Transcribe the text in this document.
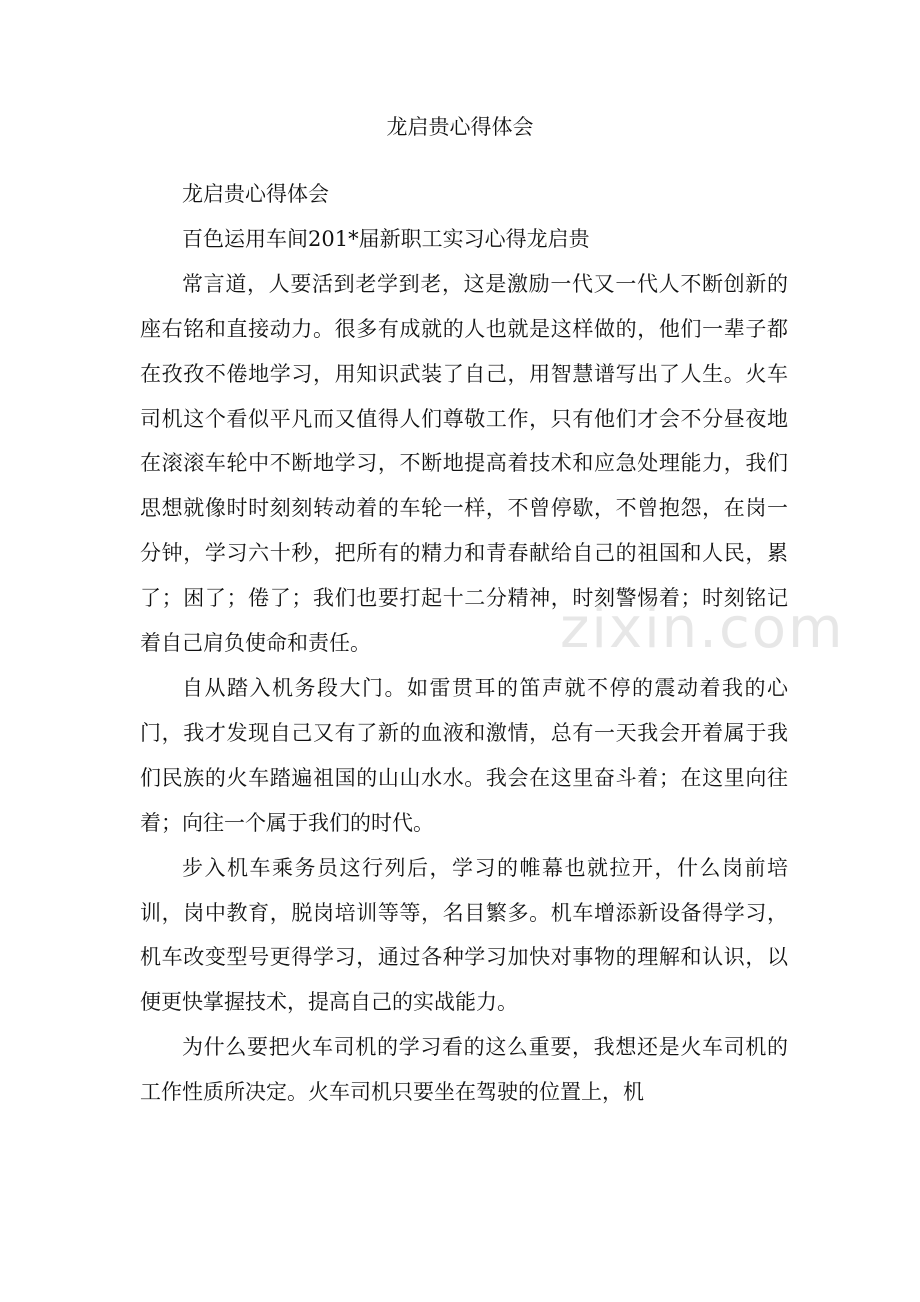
龙启贵心得体会

龙启贵心得体会

百色运用车间201*届新职工实习心得龙启贵

常言道，人要活到老学到老，这是激励一代又一代人不断创新的座右铭和直接动力。很多有成就的人也就是这样做的，他们一辈子都在孜孜不倦地学习，用知识武装了自己，用智慧谱写出了人生。火车司机这个看似平凡而又值得人们尊敬工作，只有他们才会不分昼夜地在滚滚车轮中不断地学习，不断地提高着技术和应急处理能力，我们思想就像时时刻刻转动着的车轮一样，不曾停歇，不曾抱怨，在岗一分钟，学习六十秒，把所有的精力和青春献给自己的祖国和人民，累了；困了；倦了；我们也要打起十二分精神，时刻警惕着；时刻铭记着自己肩负使命和责任。

自从踏入机务段大门。如雷贯耳的笛声就不停的震动着我的心门，我才发现自己又有了新的血液和激情，总有一天我会开着属于我们民族的火车踏遍祖国的山山水水。我会在这里奋斗着；在这里向往着；向往一个属于我们的时代。

步入机车乘务员这行列后，学习的帷幕也就拉开，什么岗前培训，岗中教育，脱岗培训等等，名目繁多。机车增添新设备得学习，机车改变型号更得学习，通过各种学习加快对事物的理解和认识，以便更快掌握技术，提高自己的实战能力。

为什么要把火车司机的学习看的这么重要，我想还是火车司机的工作性质所决定。火车司机只要坐在驾驶的位置上，机

zixin.com
